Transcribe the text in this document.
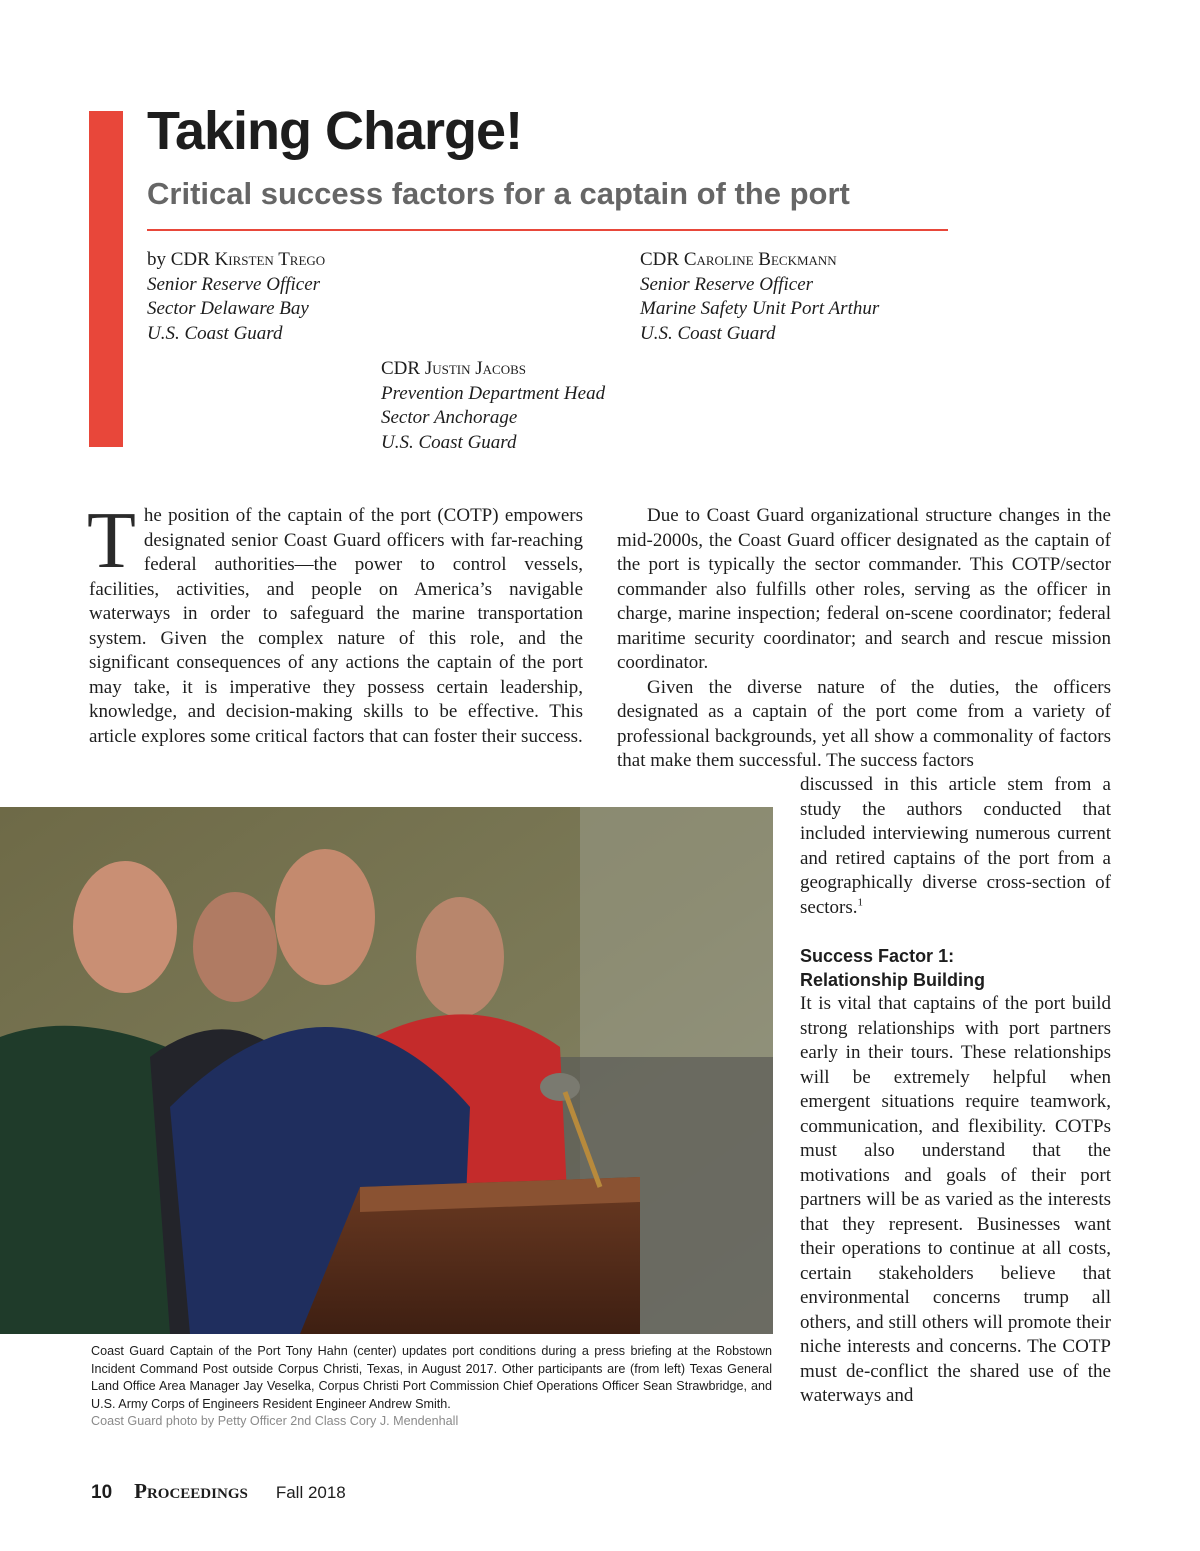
Taking Charge!
Critical success factors for a captain of the port
by CDR Kirsten Trego
Senior Reserve Officer
Sector Delaware Bay
U.S. Coast Guard
CDR Caroline Beckmann
Senior Reserve Officer
Marine Safety Unit Port Arthur
U.S. Coast Guard
CDR Justin Jacobs
Prevention Department Head
Sector Anchorage
U.S. Coast Guard

The position of the captain of the port (COTP) empowers designated senior Coast Guard officers with far-reaching federal authorities—the power to control vessels, facilities, activities, and people on America’s navigable waterways in order to safeguard the marine transportation system. Given the complex nature of this role, and the significant consequences of any actions the captain of the port may take, it is imperative they possess certain leadership, knowledge, and decision-making skills to be effective. This article explores some critical factors that can foster their success.

Due to Coast Guard organizational structure changes in the mid-2000s, the Coast Guard officer designated as the captain of the port is typically the sector commander. This COTP/sector commander also fulfills other roles, serving as the officer in charge, marine inspection; federal on-scene coordinator; federal maritime security coordinator; and search and rescue mission coordinator.

Given the diverse nature of the duties, the officers designated as a captain of the port come from a variety of professional backgrounds, yet all show a commonality of factors that make them successful. The success factors

Coast Guard Captain of the Port Tony Hahn (center) updates port conditions during a press briefing at the Robstown Incident Command Post outside Corpus Christi, Texas, in August 2017. Other participants are (from left) Texas General Land Office Area Manager Jay Veselka, Corpus Christi Port Commission Chief Operations Officer Sean Strawbridge, and U.S. Army Corps of Engineers Resident Engineer Andrew Smith.

Coast Guard photo by Petty Officer 2nd Class Cory J. Mendenhall

discussed in this article stem from a study the authors conducted that included interviewing numerous current and retired captains of the port from a geographically diverse cross-section of sectors.$^1$

Success Factor 1:

Relationship Building

It is vital that captains of the port build strong relationships with port partners early in their tours. These relationships will be extremely helpful when emergent situations require teamwork, communication, and flexibility. COTPs must also understand that the motivations and goals of their port partners will be as varied as the interests that they represent. Businesses want their operations to continue at all costs, certain stakeholders believe that environmental concerns trump all others, and still others will promote their niche interests and concerns. The COTP must de-conflict the shared use of the waterways and

10 Proceedings Fall 2018
